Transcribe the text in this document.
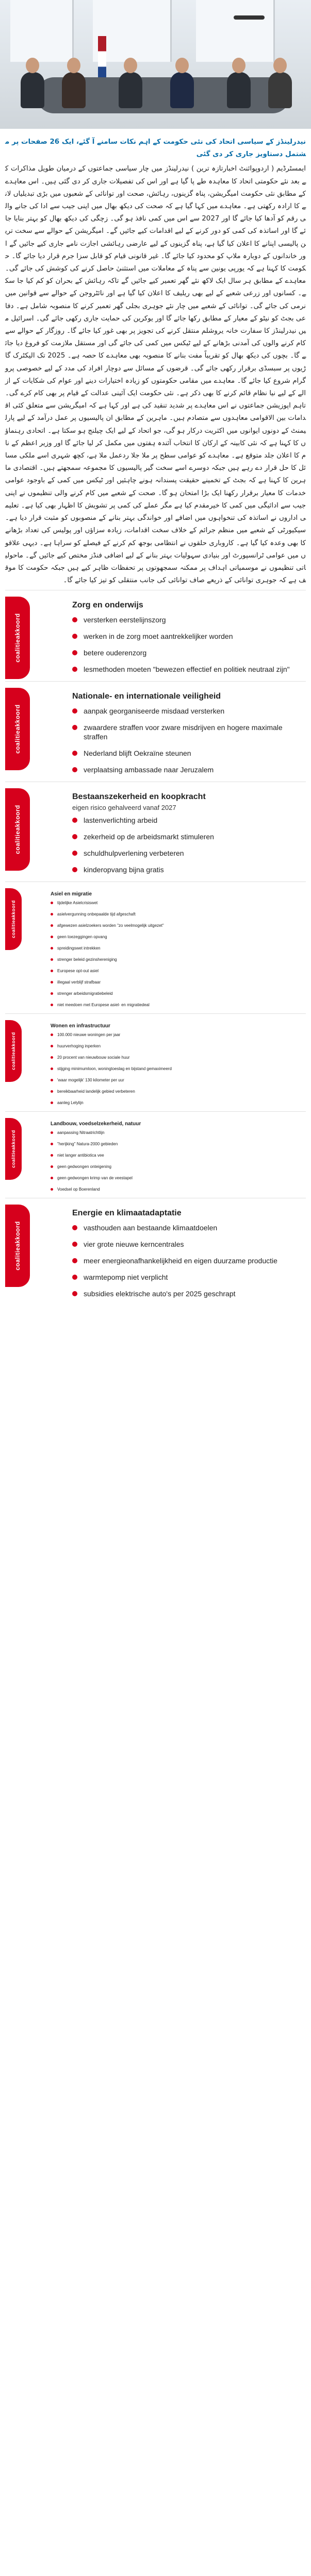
نیدرلینڈز کے سیاسی اتحاد کی نئی حکومت کے اہم نکات سامنے آ گئے، ایک 26 صفحات پر مشتمل دستاویز جاری کر دی گئی

ایمسٹرڈیم ( اردوپوائنٹ اخبارتازہ ترین ) نیدرلینڈز میں چار سیاسی جماعتوں کے درمیان طویل مذاکرات کے بعد نئے حکومتی اتحاد کا معاہدہ طے پا گیا ہے اور اس کی تفصیلات جاری کر دی گئی ہیں۔ اس معاہدے کے مطابق نئی حکومت امیگریشن، پناہ گزینوں، رہائش، صحت اور توانائی کے شعبوں میں بڑی تبدیلیاں لانے کا ارادہ رکھتی ہے۔ معاہدے میں کہا گیا ہے کہ صحت کی دیکھ بھال میں اپنی جیب سے ادا کی جانے والی رقم کو آدھا کیا جائے گا اور 2027 سے اس میں کمی نافذ ہو گی۔ زچگی کی دیکھ بھال کو بہتر بنایا جائے گا اور اساتذہ کی کمی کو دور کرنے کے لیے اقدامات کیے جائیں گے۔ امیگریشن کے حوالے سے سخت ترین پالیسی اپنانے کا اعلان کیا گیا ہے، پناہ گزینوں کے لیے عارضی رہائشی اجازت نامے جاری کیے جائیں گے اور خاندانوں کے دوبارہ ملاپ کو محدود کیا جائے گا۔ غیر قانونی قیام کو قابل سزا جرم قرار دیا جائے گا۔ حکومت کا کہنا ہے کہ یورپی یونین سے پناہ کے معاملات میں استثنیٰ حاصل کرنے کی کوشش کی جائے گی۔ معاہدے کے مطابق ہر سال ایک لاکھ نئے گھر تعمیر کیے جائیں گے تاکہ رہائش کے بحران کو کم کیا جا سکے۔ کسانوں اور زرعی شعبے کے لیے بھی ریلیف کا اعلان کیا گیا ہے اور نائٹروجن کے حوالے سے قوانین میں نرمی کی جائے گی۔ توانائی کے شعبے میں چار نئے جوہری بجلی گھر تعمیر کرنے کا منصوبہ شامل ہے۔ دفاعی بجٹ کو نیٹو کے معیار کے مطابق رکھا جائے گا اور یوکرین کی حمایت جاری رکھی جائے گی۔ اسرائیل میں نیدرلینڈز کا سفارت خانہ یروشلم منتقل کرنے کی تجویز پر بھی غور کیا جائے گا۔ روزگار کے حوالے سے کام کرنے والوں کی آمدنی بڑھانے کے لیے ٹیکس میں کمی کی جائے گی اور مستقل ملازمت کو فروغ دیا جائے گا۔ بچوں کی دیکھ بھال کو تقریباً مفت بنانے کا منصوبہ بھی معاہدے کا حصہ ہے۔ 2025 تک الیکٹرک گاڑیوں پر سبسڈی برقرار رکھی جائے گی۔ قرضوں کے مسائل سے دوچار افراد کی مدد کے لیے خصوصی پروگرام شروع کیا جائے گا۔ معاہدے میں مقامی حکومتوں کو زیادہ اختیارات دینے اور عوام کی شکایات کے ازالے کے لیے نیا نظام قائم کرنے کا بھی ذکر ہے۔ نئی حکومت ایک آئینی عدالت کے قیام پر بھی کام کرے گی۔ تاہم اپوزیشن جماعتوں نے اس معاہدے پر شدید تنقید کی ہے اور کہا ہے کہ امیگریشن سے متعلق کئی اقدامات بین الاقوامی معاہدوں سے متصادم ہیں۔ ماہرین کے مطابق ان پالیسیوں پر عمل درآمد کے لیے پارلیمنٹ کے دونوں ایوانوں میں اکثریت درکار ہو گی، جو اتحاد کے لیے ایک چیلنج ہو سکتا ہے۔ اتحادی رہنماؤں کا کہنا ہے کہ نئی کابینہ کے ارکان کا انتخاب آئندہ ہفتوں میں مکمل کر لیا جائے گا اور وزیر اعظم کے نام کا اعلان جلد متوقع ہے۔ معاہدے کو عوامی سطح پر ملا جلا ردعمل ملا ہے، کچھ شہری اسے ملکی مسائل کا حل قرار دے رہے ہیں جبکہ دوسرے اسے سخت گیر پالیسیوں کا مجموعہ سمجھتے ہیں۔ اقتصادی ماہرین کا کہنا ہے کہ بجٹ کے تخمینے حقیقت پسندانہ ہونے چاہئیں اور ٹیکس میں کمی کے باوجود عوامی خدمات کا معیار برقرار رکھنا ایک بڑا امتحان ہو گا۔ صحت کے شعبے میں کام کرنے والی تنظیموں نے اپنی جیب سے ادائیگی میں کمی کا خیرمقدم کیا ہے مگر عملے کی کمی پر تشویش کا اظہار بھی کیا ہے۔ تعلیمی اداروں نے اساتذہ کی تنخواہوں میں اضافے اور خواندگی بہتر بنانے کے منصوبوں کو مثبت قرار دیا ہے۔ سیکیورٹی کے شعبے میں منظم جرائم کے خلاف سخت اقدامات، زیادہ سزاؤں اور پولیس کی تعداد بڑھانے کا بھی وعدہ کیا گیا ہے۔ کاروباری حلقوں نے انتظامی بوجھ کم کرنے کے فیصلے کو سراہا ہے۔ دیہی علاقوں میں عوامی ٹرانسپورٹ اور بنیادی سہولیات بہتر بنانے کے لیے اضافی فنڈز مختص کیے جائیں گے۔ ماحولیاتی تنظیموں نے موسمیاتی اہداف پر ممکنہ سمجھوتوں پر تحفظات ظاہر کیے ہیں جبکہ حکومت کا موقف ہے کہ جوہری توانائی کے ذریعے صاف توانائی کی جانب منتقلی کو تیز کیا جائے گا۔

coalitieakkoord
Zorg en onderwijs
versterken eerstelijnszorg
werken in de zorg moet aantrekkelijker worden
betere ouderenzorg
lesmethoden moeten "bewezen effectief en politiek neutraal zijn"
coalitieakkoord
Nationale- en internationale veiligheid
aanpak georganiseerde misdaad versterken
zwaardere straffen voor zware misdrijven en hogere maximale straffen
Nederland blijft Oekraïne steunen
verplaatsing ambassade naar Jeruzalem
coalitieakkoord
Bestaanszekerheid en koopkracht
eigen risico gehalveerd vanaf 2027
lastenverlichting arbeid
zekerheid op de arbeidsmarkt stimuleren
schuldhulpverlening verbeteren
kinderopvang bijna gratis
coalitieakkoord
Asiel en migratie
tijdelijke Asielcrisiswet
asielvergunning onbepaalde tijd afgeschaft
afgewezen asielzoekers worden "zo veelmogelijk uitgezet"
geen toezeggingen opvang
spreidingswet intrekken
strenger beleid gezinshereniging
Europese opt-out asiel
illegaal verblijf strafbaar
strenger arbeidsmigratiebeleid
niet meedoen met Europese asiel- en migratiedeal
coalitieakkoord
Wonen en infrastructuur
100.000 nieuwe woningen per jaar
huurverhoging inperken
20 procent van nieuwbouw sociale huur
stijging minimumloon, woningtoeslag en bijstand gemaximeerd
'waar mogelijk' 130 kilometer per uur
bereikbaarheid landelijk gebied verbeteren
aanleg Lelylijn
coalitieakkoord
Landbouw, voedselzekerheid, natuur
aanpassing Nitraatrichtlijn
"herijking" Natura-2000 gebieden
niet langer antibiotica vee
geen gedwongen onteigening
geen gedwongen krimp van de veestapel
Voedsel op Boerenland
coalitieakkoord
Energie en klimaatadaptatie
vasthouden aan bestaande klimaatdoelen
vier grote nieuwe kerncentrales
meer energieonafhankelijkheid en eigen duurzame productie
warmtepomp niet verplicht
subsidies elektrische auto's per 2025 geschrapt
